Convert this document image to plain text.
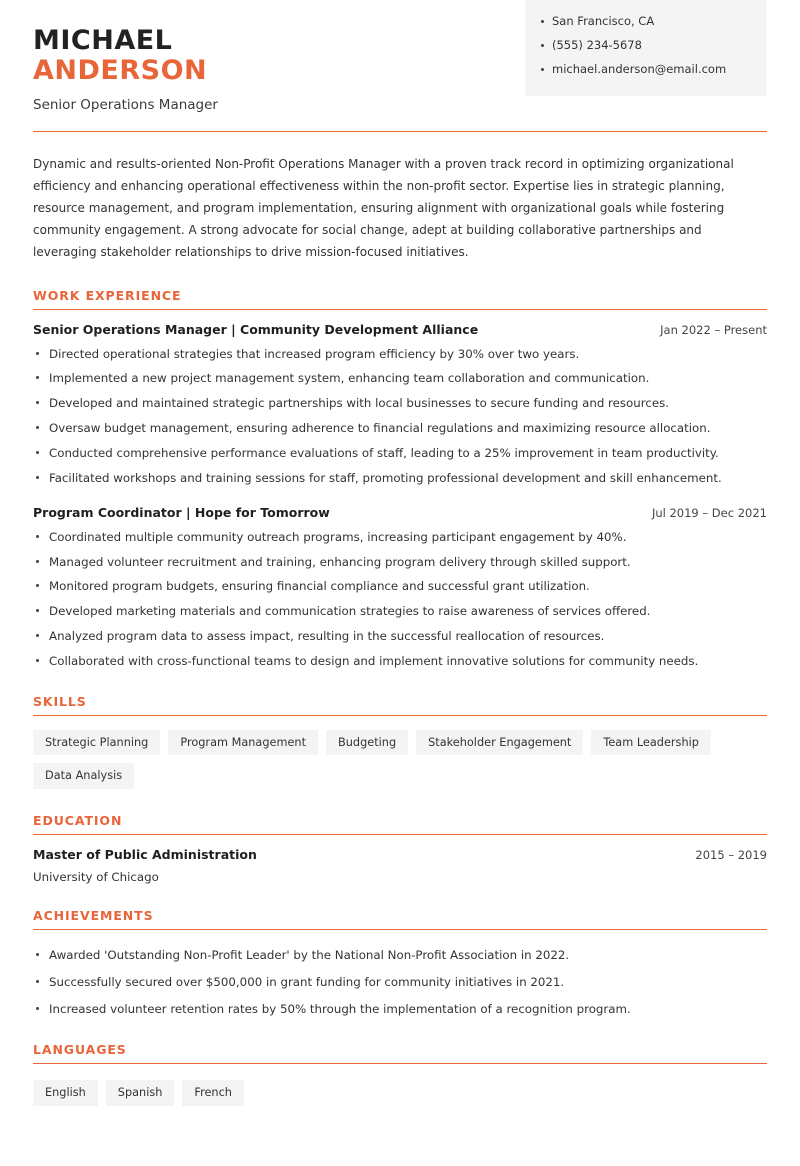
MICHAEL
ANDERSON
Senior Operations Manager
San Francisco, CA
(555) 234-5678
michael.anderson@email.com
Dynamic and results-oriented Non-Profit Operations Manager with a proven track record in optimizing organizational efficiency and enhancing operational effectiveness within the non-profit sector. Expertise lies in strategic planning, resource management, and program implementation, ensuring alignment with organizational goals while fostering community engagement. A strong advocate for social change, adept at building collaborative partnerships and leveraging stakeholder relationships to drive mission-focused initiatives.
WORK EXPERIENCE
Senior Operations Manager | Community Development Alliance	Jan 2022 – Present
Directed operational strategies that increased program efficiency by 30% over two years.
Implemented a new project management system, enhancing team collaboration and communication.
Developed and maintained strategic partnerships with local businesses to secure funding and resources.
Oversaw budget management, ensuring adherence to financial regulations and maximizing resource allocation.
Conducted comprehensive performance evaluations of staff, leading to a 25% improvement in team productivity.
Facilitated workshops and training sessions for staff, promoting professional development and skill enhancement.
Program Coordinator | Hope for Tomorrow	Jul 2019 – Dec 2021
Coordinated multiple community outreach programs, increasing participant engagement by 40%.
Managed volunteer recruitment and training, enhancing program delivery through skilled support.
Monitored program budgets, ensuring financial compliance and successful grant utilization.
Developed marketing materials and communication strategies to raise awareness of services offered.
Analyzed program data to assess impact, resulting in the successful reallocation of resources.
Collaborated with cross-functional teams to design and implement innovative solutions for community needs.
SKILLS
Strategic Planning	Program Management	Budgeting	Stakeholder Engagement	Team Leadership
Data Analysis
EDUCATION
Master of Public Administration	2015 – 2019
University of Chicago
ACHIEVEMENTS
Awarded 'Outstanding Non-Profit Leader' by the National Non-Profit Association in 2022.
Successfully secured over $500,000 in grant funding for community initiatives in 2021.
Increased volunteer retention rates by 50% through the implementation of a recognition program.
LANGUAGES
English	Spanish	French
